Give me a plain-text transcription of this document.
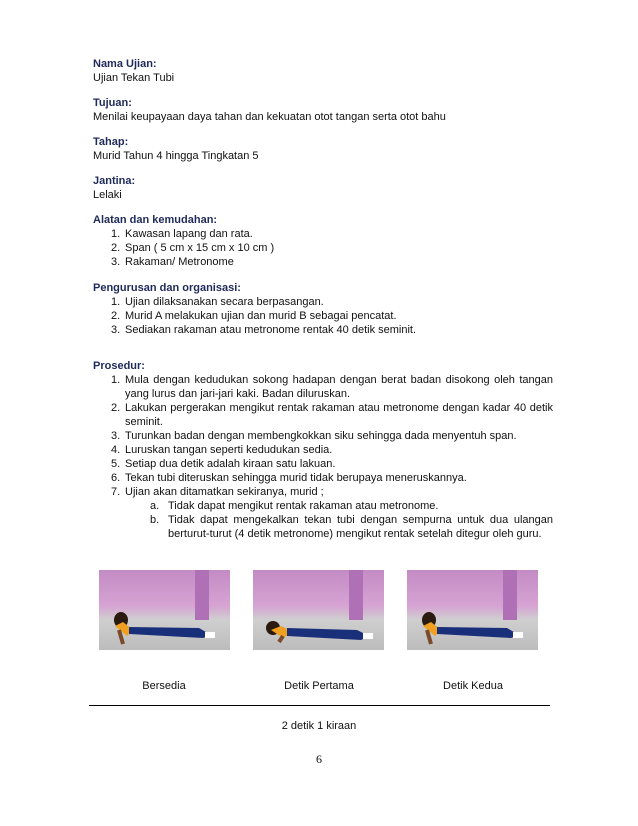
Nama Ujian:
Ujian Tekan Tubi
Tujuan:
Menilai keupayaan daya tahan dan kekuatan otot tangan serta otot bahu
Tahap:
Murid Tahun 4 hingga Tingkatan 5
Jantina:
Lelaki
Alatan dan kemudahan:
1. Kawasan lapang dan rata.
2. Span ( 5 cm x 15 cm x 10 cm )
3. Rakaman/ Metronome
Pengurusan dan organisasi:
1. Ujian dilaksanakan secara berpasangan.
2. Murid A melakukan ujian dan murid B sebagai pencatat.
3. Sediakan rakaman atau metronome rentak 40 detik seminit.
Prosedur:
1. Mula dengan kedudukan sokong hadapan dengan berat badan disokong oleh tangan yang lurus dan jari-jari kaki. Badan diluruskan.
2. Lakukan pergerakan mengikut rentak rakaman atau metronome dengan kadar 40 detik seminit.
3. Turunkan badan dengan membengkokkan siku sehingga dada menyentuh span.
4. Luruskan tangan seperti kedudukan sedia.
5. Setiap dua detik adalah kiraan satu lakuan.
6. Tekan tubi diteruskan sehingga murid tidak berupaya meneruskannya.
7. Ujian akan ditamatkan sekiranya, murid ;
a. Tidak dapat mengikut rentak rakaman atau metronome.
b. Tidak dapat mengekalkan tekan tubi dengan sempurna untuk dua ulangan berturut-turut (4 detik metronome) mengikut rentak setelah ditegur oleh guru.
Bersedia	Detik Pertama	Detik Kedua
2 detik 1 kiraan
6
